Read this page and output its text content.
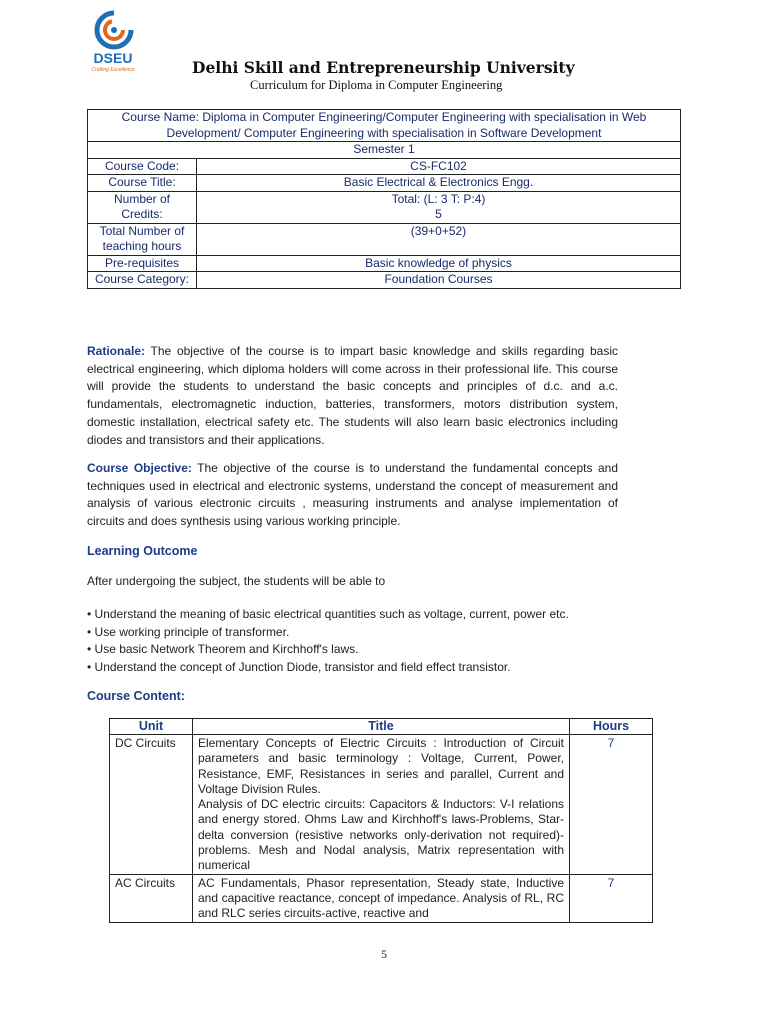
DSEU
Crafting Excellence	Delhi Skill and Entrepreneurship University
Curriculum for Diploma in Computer Engineering
Course Name: Diploma in Computer Engineering/Computer Engineering with specialisation in Web Development/ Computer Engineering with specialisation in Software Development	
Semester 1	
Course Code:	CS-FC102
Course Title:	Basic Electrical & Electronics Engg.
Number of Credits:	Total: (L: 3 T: P:4)
5
Total Number of teaching hours	(39+0+52)
Pre-requisites	Basic knowledge of physics
Course Category:	Foundation Courses
Rationale: The objective of the course is to impart basic knowledge and skills regarding basic electrical engineering, which diploma holders will come across in their professional life. This course will provide the students to understand the basic concepts and principles of d.c. and a.c. fundamentals, electromagnetic induction, batteries, transformers, motors distribution system, domestic installation, electrical safety etc. The students will also learn basic electronics including diodes and transistors and their applications.
Course Objective: The objective of the course is to understand the fundamental concepts and techniques used in electrical and electronic systems, understand the concept of measurement and analysis of various electronic circuits , measuring instruments and analyse implementation of circuits and does synthesis using various working principle.
Learning Outcome
After undergoing the subject, the students will be able to
• Understand the meaning of basic electrical quantities such as voltage, current, power etc.
• Use working principle of transformer.
• Use basic Network Theorem and Kirchhoff's laws.
• Understand the concept of Junction Diode, transistor and field effect transistor.
Course Content:
Unit	Title	Hours
DC Circuits	Elementary Concepts of Electric Circuits : Introduction of Circuit parameters and basic terminology : Voltage, Current, Power, Resistance, EMF, Resistances in series and parallel, Current and Voltage Division Rules.
Analysis of DC electric circuits: Capacitors & Inductors: V-I relations and energy stored. Ohms Law and Kirchhoff's laws-Problems, Star-delta conversion (resistive networks only-derivation not required)-problems. Mesh and Nodal analysis, Matrix representation with numerical	7
AC Circuits	AC Fundamentals, Phasor representation, Steady state, Inductive and capacitive reactance, concept of impedance. Analysis of RL, RC and RLC series circuits-active, reactive and	7
5
